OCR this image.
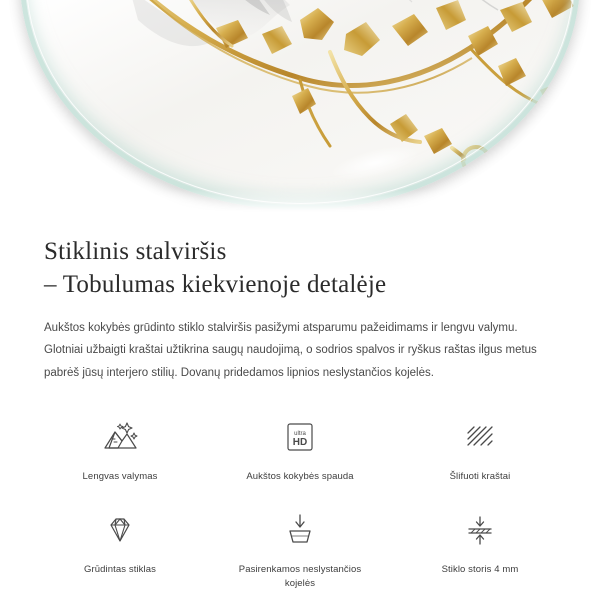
Stiklinis stalviršis
– Tobulumas kiekvienoje detalėje

Aukštos kokybės grūdinto stiklo stalviršis pasižymi atsparumu pažeidimams ir lengvu valymu. Glotniai užbaigti kraštai užtikrina saugų naudojimą, o sodrios spalvos ir ryškus raštas ilgus metus pabrėš jūsų interjero stilių. Dovanų pridedamos lipnios neslystančios kojelės.

Lengvas valymas
ultra
HD
Aukštos kokybės spauda	Šlifuoti kraštai
Grūdintas stiklas	Pasirenkamos neslystančios kojelės
Stiklo storis 4 mm
